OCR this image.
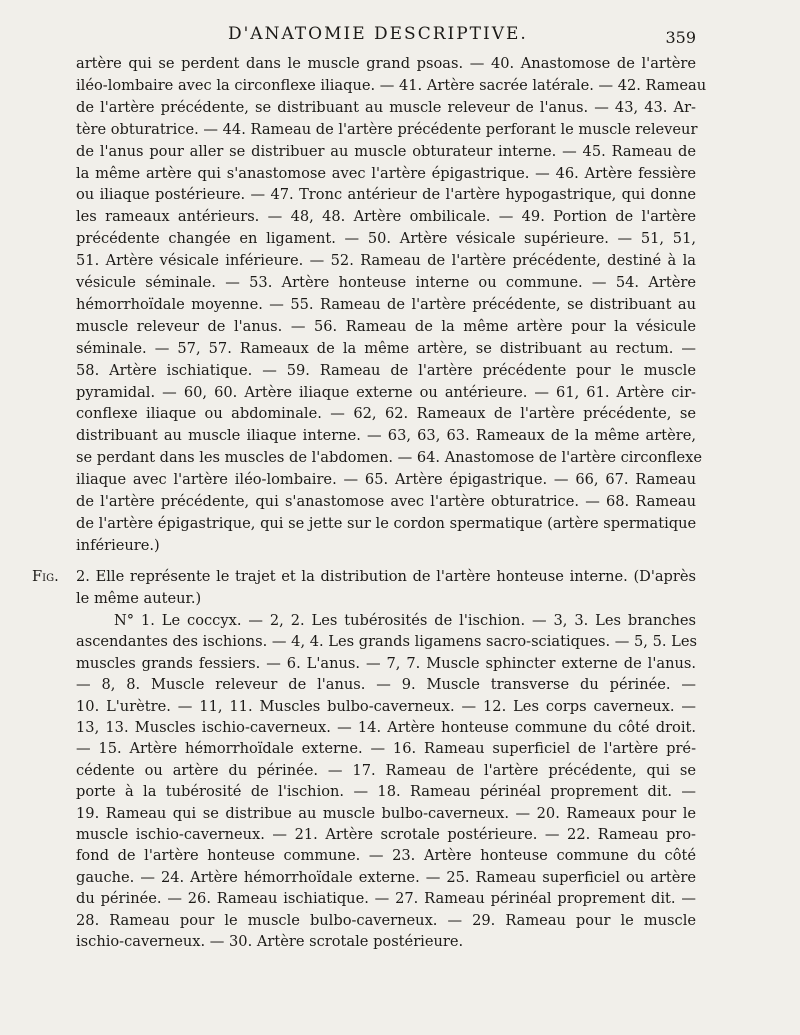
D'ANATOMIE DESCRIPTIVE.	359
artère qui se perdent dans le muscle grand psoas. — 40. Anastomose de l'artère
iléo-lombaire avec la circonflexe iliaque. — 41. Artère sacrée latérale. — 42. Rameau
de l'artère précédente, se distribuant au muscle releveur de l'anus. — 43, 43. Ar-
tère obturatrice. — 44. Rameau de l'artère précédente perforant le muscle releveur
de l'anus pour aller se distribuer au muscle obturateur interne. — 45. Rameau de
la même artère qui s'anastomose avec l'artère épigastrique. — 46. Artère fessière
ou iliaque postérieure. — 47. Tronc antérieur de l'artère hypogastrique, qui donne
les rameaux antérieurs. — 48, 48. Artère ombilicale. — 49. Portion de l'artère
précédente changée en ligament. — 50. Artère vésicale supérieure. — 51, 51,
51. Artère vésicale inférieure. — 52. Rameau de l'artère précédente, destiné à la
vésicule séminale. — 53. Artère honteuse interne ou commune. — 54. Artère
hémorrhoïdale moyenne. — 55. Rameau de l'artère précédente, se distribuant au
muscle releveur de l'anus. — 56. Rameau de la même artère pour la vésicule
séminale. — 57, 57. Rameaux de la même artère, se distribuant au rectum. —
58. Artère ischiatique. — 59. Rameau de l'artère précédente pour le muscle
pyramidal. — 60, 60. Artère iliaque externe ou antérieure. — 61, 61. Artère cir-
conflexe iliaque ou abdominale. — 62, 62. Rameaux de l'artère précédente, se
distribuant au muscle iliaque interne. — 63, 63, 63. Rameaux de la même artère,
se perdant dans les muscles de l'abdomen. — 64. Anastomose de l'artère circonflexe
iliaque avec l'artère iléo-lombaire. — 65. Artère épigastrique. — 66, 67. Rameau
de l'artère précédente, qui s'anastomose avec l'artère obturatrice. — 68. Rameau
de l'artère épigastrique, qui se jette sur le cordon spermatique (artère spermatique
inférieure.)
Fig. 2. Elle représente le trajet et la distribution de l'artère honteuse interne. (D'après
le même auteur.)
N° 1. Le coccyx. — 2, 2. Les tubérosités de l'ischion. — 3, 3. Les branches
ascendantes des ischions. — 4, 4. Les grands ligamens sacro-sciatiques. — 5, 5. Les
muscles grands fessiers. — 6. L'anus. — 7, 7. Muscle sphincter externe de l'anus.
— 8, 8. Muscle releveur de l'anus. — 9. Muscle transverse du périnée. —
10. L'urètre. — 11, 11. Muscles bulbo-caverneux. — 12. Les corps caverneux. —
13, 13. Muscles ischio-caverneux. — 14. Artère honteuse commune du côté droit.
— 15. Artère hémorrhoïdale externe. — 16. Rameau superficiel de l'artère pré-
cédente ou artère du périnée. — 17. Rameau de l'artère précédente, qui se
porte à la tubérosité de l'ischion. — 18. Rameau périnéal proprement dit. —
19. Rameau qui se distribue au muscle bulbo-caverneux. — 20. Rameaux pour le
muscle ischio-caverneux. — 21. Artère scrotale postérieure. — 22. Rameau pro-
fond de l'artère honteuse commune. — 23. Artère honteuse commune du côté
gauche. — 24. Artère hémorrhoïdale externe. — 25. Rameau superficiel ou artère
du périnée. — 26. Rameau ischiatique. — 27. Rameau périnéal proprement dit. —
28. Rameau pour le muscle bulbo-caverneux. — 29. Rameau pour le muscle
ischio-caverneux. — 30. Artère scrotale postérieure.
